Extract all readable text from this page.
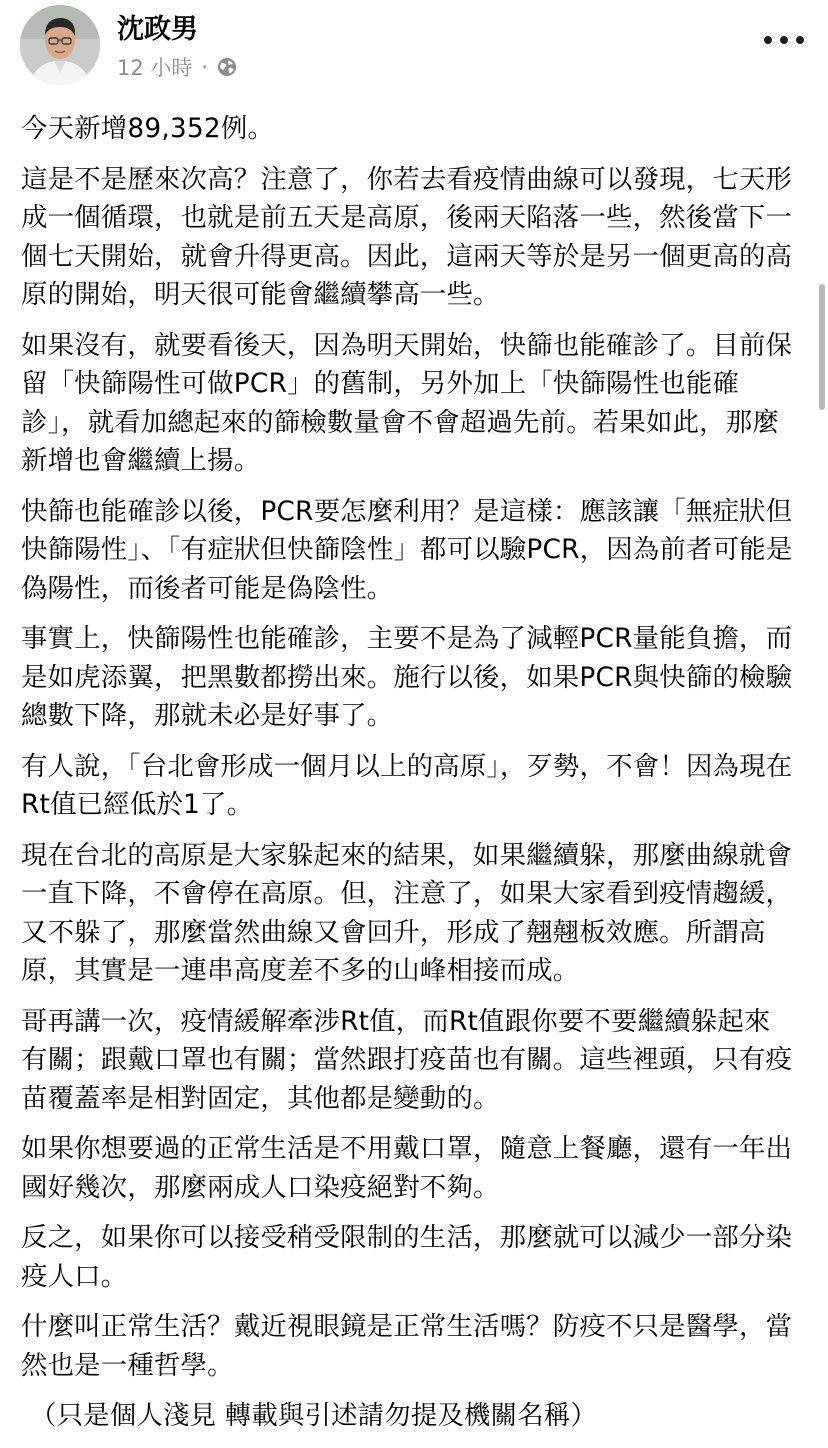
沈政男
12 小時 ·

今天新增89,352例。

這是不是歷來次高？注意了，你若去看疫情曲線可以發現，七天形成一個循環，也就是前五天是高原，後兩天陷落一些，然後當下一個七天開始，就會升得更高。因此，這兩天等於是另一個更高的高原的開始，明天很可能會繼續攀高一些。

如果沒有，就要看後天，因為明天開始，快篩也能確診了。目前保留「快篩陽性可做PCR」的舊制，另外加上「快篩陽性也能確診」，就看加總起來的篩檢數量會不會超過先前。若果如此，那麼新增也會繼續上揚。

快篩也能確診以後，PCR要怎麼利用？是這樣：應該讓「無症狀但快篩陽性」、「有症狀但快篩陰性」都可以驗PCR，因為前者可能是偽陽性，而後者可能是偽陰性。

事實上，快篩陽性也能確診，主要不是為了減輕PCR量能負擔，而是如虎添翼，把黑數都撈出來。施行以後，如果PCR與快篩的檢驗總數下降，那就未必是好事了。

有人說，「台北會形成一個月以上的高原」，歹勢，不會！因為現在Rt值已經低於1了。

現在台北的高原是大家躲起來的結果，如果繼續躲，那麼曲線就會一直下降，不會停在高原。但，注意了，如果大家看到疫情趨緩，又不躲了，那麼當然曲線又會回升，形成了翹翹板效應。所謂高原，其實是一連串高度差不多的山峰相接而成。

哥再講一次，疫情緩解牽涉Rt值，而Rt值跟你要不要繼續躲起來有關；跟戴口罩也有關；當然跟打疫苗也有關。這些裡頭，只有疫苗覆蓋率是相對固定，其他都是變動的。

如果你想要過的正常生活是不用戴口罩，隨意上餐廳，還有一年出國好幾次，那麼兩成人口染疫絕對不夠。

反之，如果你可以接受稍受限制的生活，那麼就可以減少一部分染疫人口。

什麼叫正常生活？戴近視眼鏡是正常生活嗎？防疫不只是醫學，當然也是一種哲學。

（只是個人淺見 轉載與引述請勿提及機關名稱）
